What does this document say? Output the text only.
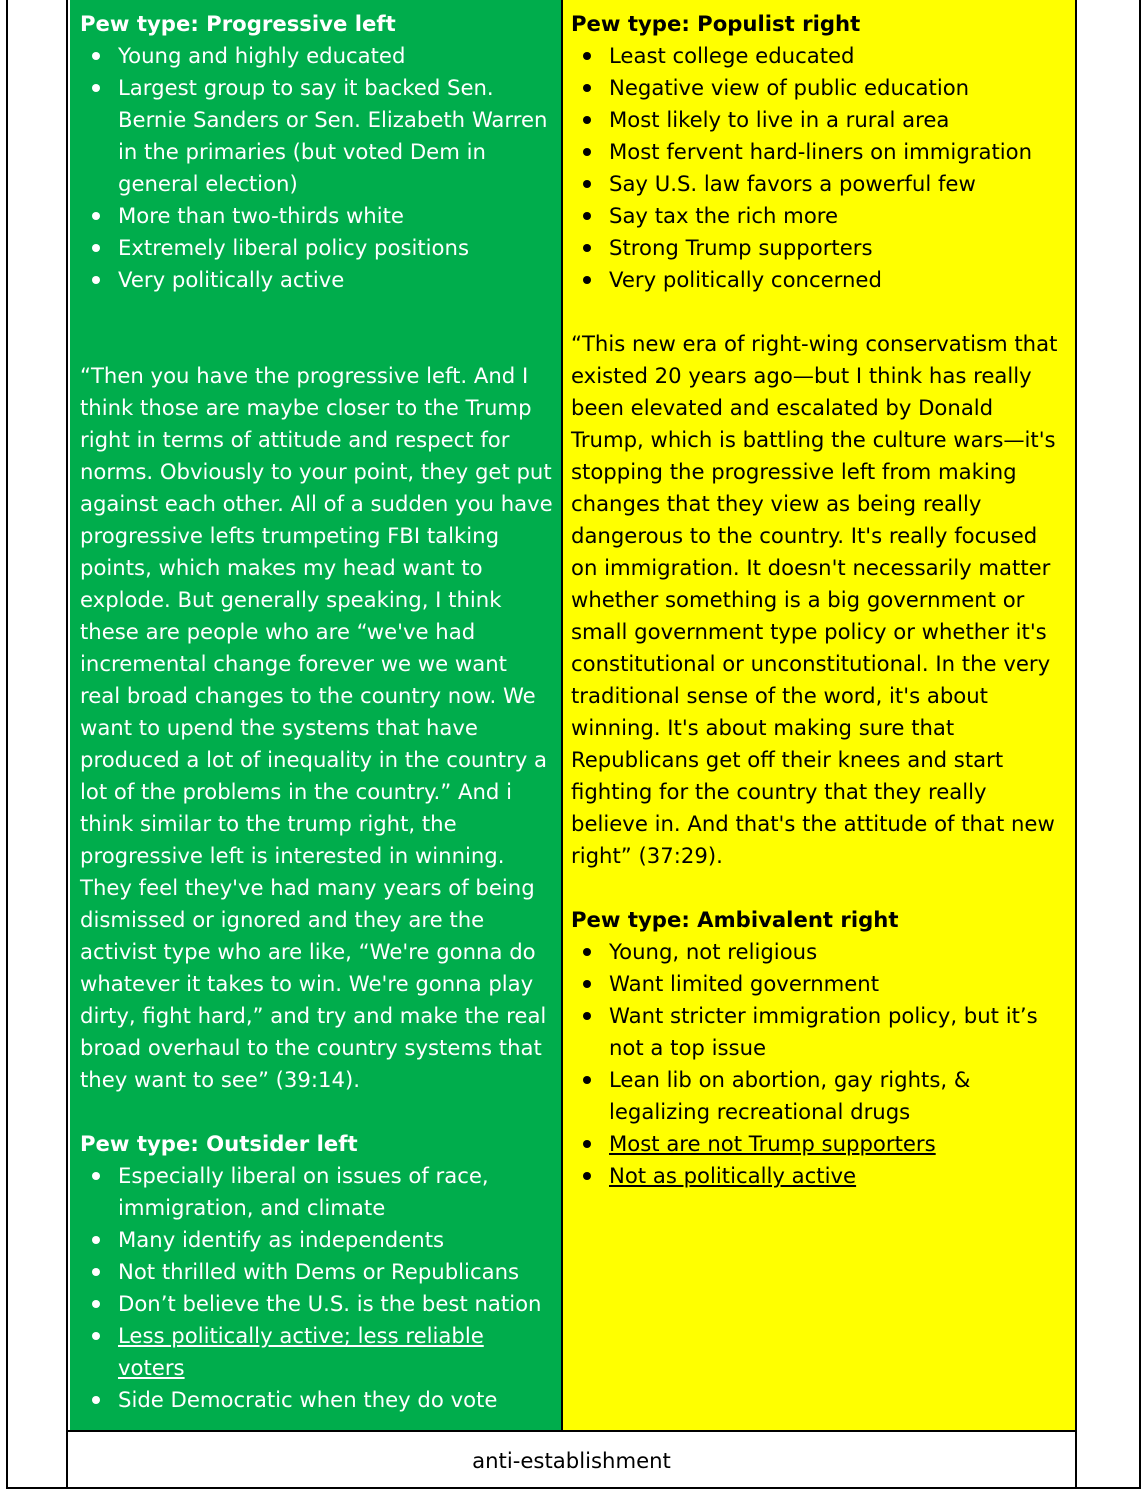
Pew type: Progressive left

Young and highly educated
Largest group to say it backed Sen. Bernie Sanders or Sen. Elizabeth Warren in the primaries (but voted Dem in general election)
More than two-thirds white
Extremely liberal policy positions
Very politically active

“Then you have the progressive left. And I think those are maybe closer to the Trump right in terms of attitude and respect for norms. Obviously to your point, they get put against each other. All of a sudden you have progressive lefts trumpeting FBI talking points, which makes my head want to explode. But generally speaking, I think these are people who are “we've had incremental change forever we we want real broad changes to the country now. We want to upend the systems that have produced a lot of inequality in the country a lot of the problems in the country.” And i think similar to the trump right, the progressive left is interested in winning. They feel they've had many years of being dismissed or ignored and they are the activist type who are like, “We're gonna do whatever it takes to win. We're gonna play dirty, fight hard,” and try and make the real broad overhaul to the country systems that they want to see” (39:14).

Pew type: Outsider left

Especially liberal on issues of race, immigration, and climate
Many identify as independents
Not thrilled with Dems or Republicans
Don’t believe the U.S. is the best nation
Less politically active; less reliable voters
Side Democratic when they do vote

Pew type: Populist right

Least college educated
Negative view of public education
Most likely to live in a rural area
Most fervent hard-liners on immigration
Say U.S. law favors a powerful few
Say tax the rich more
Strong Trump supporters
Very politically concerned

“This new era of right-wing conservatism that existed 20 years ago—but I think has really been elevated and escalated by Donald Trump, which is battling the culture wars—it's stopping the progressive left from making changes that they view as being really dangerous to the country. It's really focused on immigration. It doesn't necessarily matter whether something is a big government or small government type policy or whether it's constitutional or unconstitutional. In the very traditional sense of the word, it's about winning. It's about making sure that Republicans get off their knees and start fighting for the country that they really believe in. And that's the attitude of that new right” (37:29).

Pew type: Ambivalent right

Young, not religious
Want limited government
Want stricter immigration policy, but it’s not a top issue
Lean lib on abortion, gay rights, & legalizing recreational drugs
Most are not Trump supporters
Not as politically active
anti-establishment
